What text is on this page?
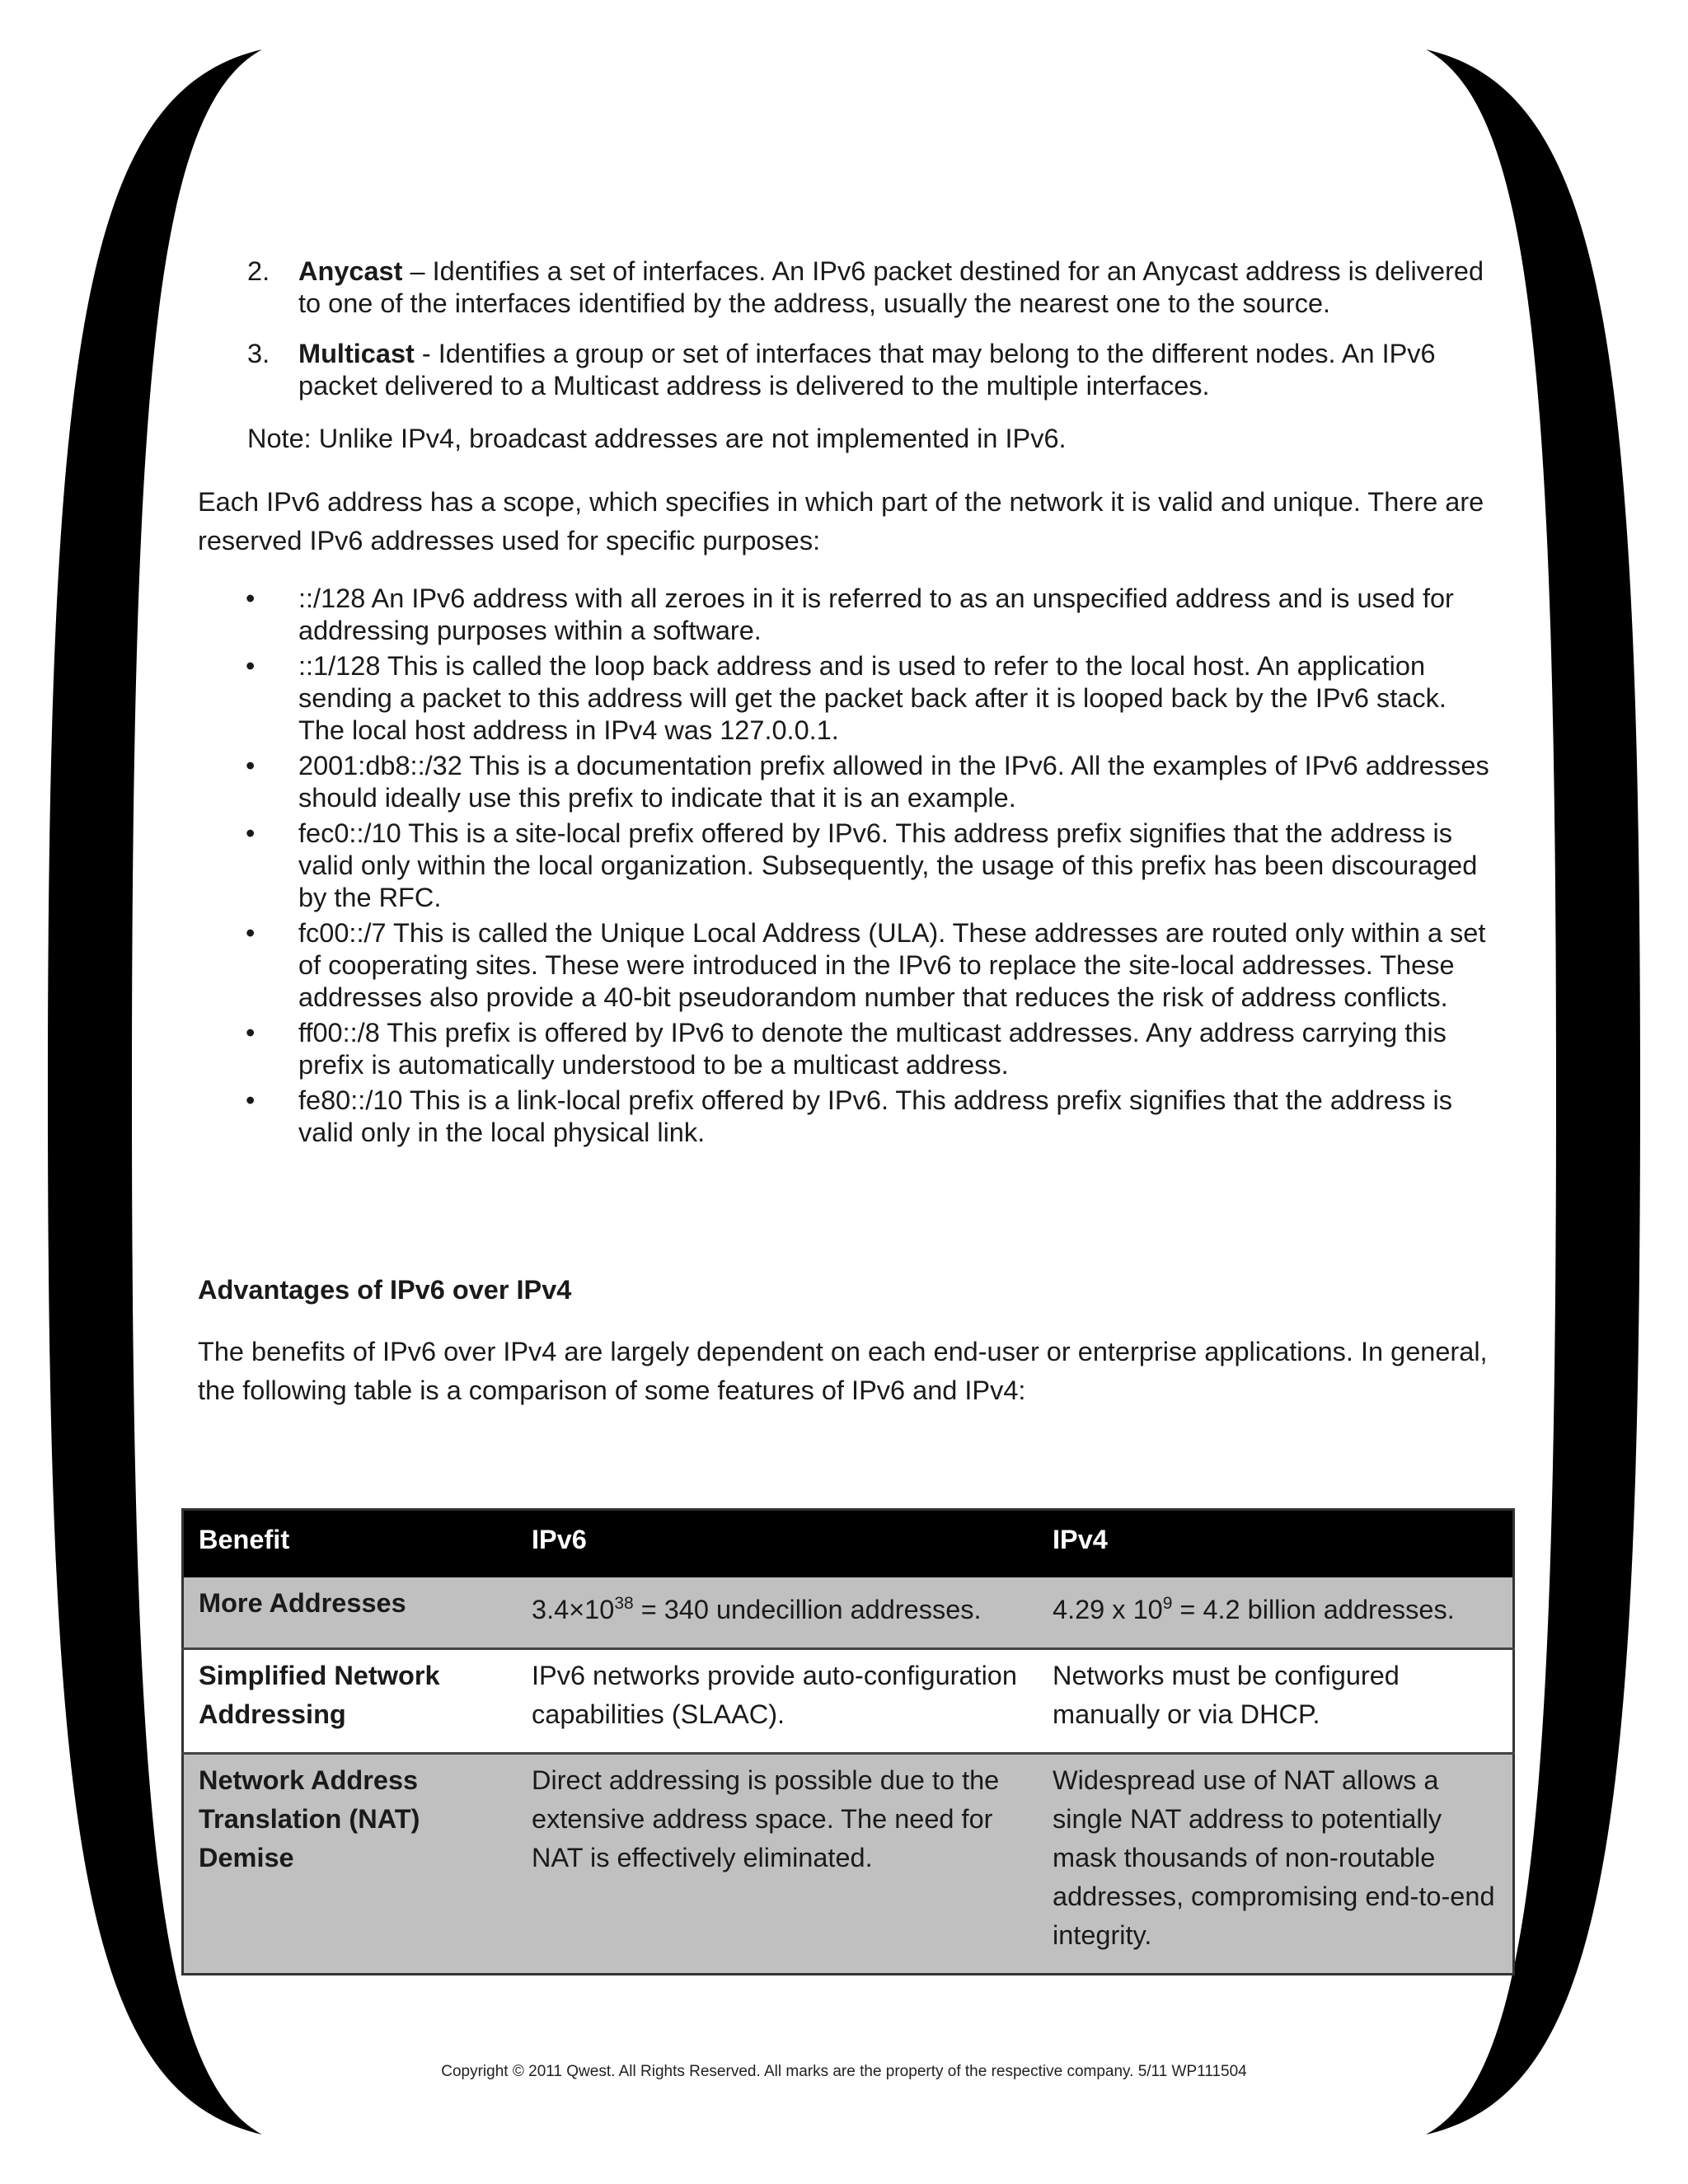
2. Anycast – Identifies a set of interfaces. An IPv6 packet destined for an Anycast address is delivered to one of the interfaces identified by the address, usually the nearest one to the source.
3. Multicast - Identifies a group or set of interfaces that may belong to the different nodes. An IPv6 packet delivered to a Multicast address is delivered to the multiple interfaces.
Note: Unlike IPv4, broadcast addresses are not implemented in IPv6.
Each IPv6 address has a scope, which specifies in which part of the network it is valid and unique. There are reserved IPv6 addresses used for specific purposes:
• ::/128 An IPv6 address with all zeroes in it is referred to as an unspecified address and is used for addressing purposes within a software.
• ::1/128 This is called the loop back address and is used to refer to the local host. An application sending a packet to this address will get the packet back after it is looped back by the IPv6 stack. The local host address in IPv4 was 127.0.0.1.
• 2001:db8::/32 This is a documentation prefix allowed in the IPv6. All the examples of IPv6 addresses should ideally use this prefix to indicate that it is an example.
• fec0::/10 This is a site-local prefix offered by IPv6. This address prefix signifies that the address is valid only within the local organization. Subsequently, the usage of this prefix has been discouraged by the RFC.
• fc00::/7 This is called the Unique Local Address (ULA). These addresses are routed only within a set of cooperating sites. These were introduced in the IPv6 to replace the site-local addresses. These addresses also provide a 40-bit pseudorandom number that reduces the risk of address conflicts.
• ff00::/8 This prefix is offered by IPv6 to denote the multicast addresses. Any address carrying this prefix is automatically understood to be a multicast address.
• fe80::/10 This is a link-local prefix offered by IPv6. This address prefix signifies that the address is valid only in the local physical link.
Advantages of IPv6 over IPv4
The benefits of IPv6 over IPv4 are largely dependent on each end-user or enterprise applications. In general, the following table is a comparison of some features of IPv6 and IPv4:
Benefit	IPv6	IPv4
More Addresses	$3.4\times 10^{38} = 340$ undecillion addresses.	4.29 x $10^9 = 4.2$ billion addresses.
Simplified Network Addressing	IPv6 networks provide auto-configuration capabilities (SLAAC).	Networks must be configured manually or via DHCP.
Network Address Translation (NAT) Demise	Direct addressing is possible due to the extensive address space. The need for NAT is effectively eliminated.	Widespread use of NAT allows a single NAT address to potentially mask thousands of non-routable addresses, compromising end-to-end integrity.
Copyright © 2011 Qwest. All Rights Reserved. All marks are the property of the respective company. 5/11 WP111504
